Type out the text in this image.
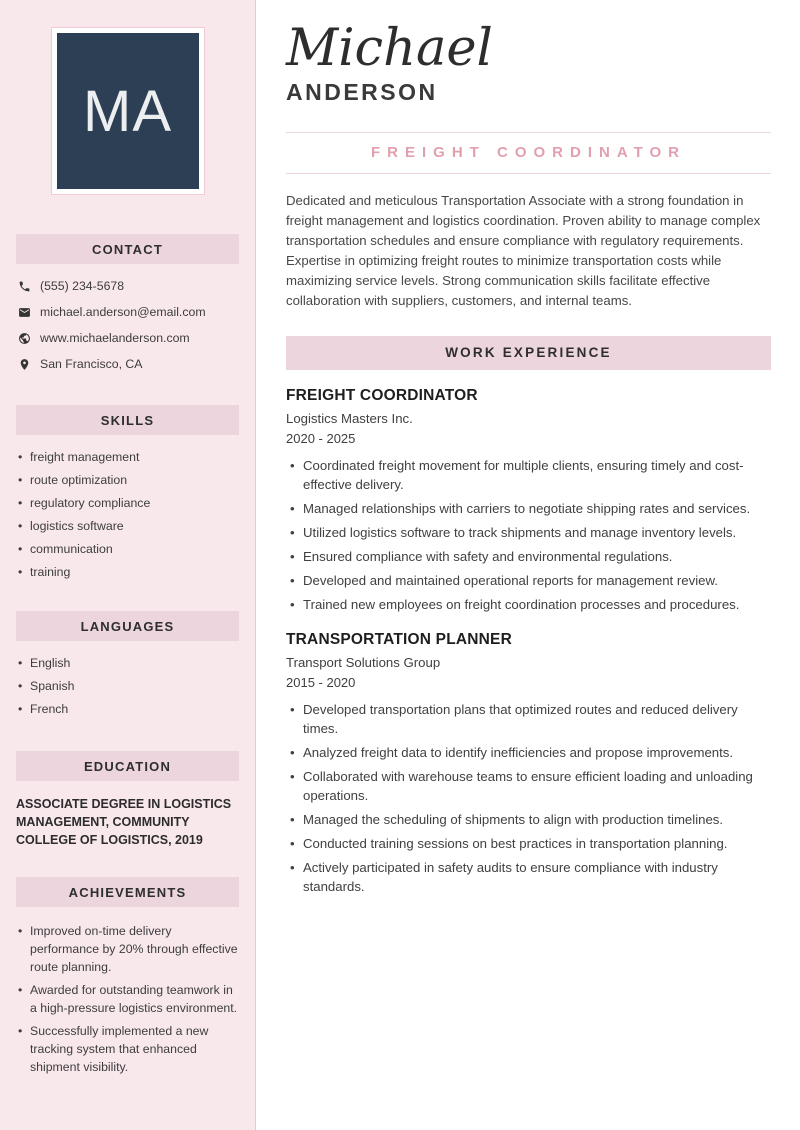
MA
CONTACT
(555) 234-5678
michael.anderson@email.com
www.michaelanderson.com
San Francisco, CA
SKILLS
• freight management
• route optimization
• regulatory compliance
• logistics software
• communication
• training
LANGUAGES
• English
• Spanish
• French
EDUCATION

ASSOCIATE DEGREE IN LOGISTICS MANAGEMENT, COMMUNITY COLLEGE OF LOGISTICS, 2019

ACHIEVEMENTS
• Improved on-time delivery performance by 20% through effective route planning.
• Awarded for outstanding teamwork in a high-pressure logistics environment.
• Successfully implemented a new tracking system that enhanced shipment visibility.
Michael
ANDERSON
FREIGHT COORDINATOR

Dedicated and meticulous Transportation Associate with a strong foundation in freight management and logistics coordination. Proven ability to manage complex transportation schedules and ensure compliance with regulatory requirements. Expertise in optimizing freight routes to minimize transportation costs while maximizing service levels. Strong communication skills facilitate effective collaboration with suppliers, customers, and internal teams.

WORK EXPERIENCE
FREIGHT COORDINATOR

Logistics Masters Inc.

2020 - 2025

• Coordinated freight movement for multiple clients, ensuring timely and cost-effective delivery.
• Managed relationships with carriers to negotiate shipping rates and services.
• Utilized logistics software to track shipments and manage inventory levels.
• Ensured compliance with safety and environmental regulations.
• Developed and maintained operational reports for management review.
• Trained new employees on freight coordination processes and procedures.
TRANSPORTATION PLANNER

Transport Solutions Group

2015 - 2020

• Developed transportation plans that optimized routes and reduced delivery times.
• Analyzed freight data to identify inefficiencies and propose improvements.
• Collaborated with warehouse teams to ensure efficient loading and unloading operations.
• Managed the scheduling of shipments to align with production timelines.
• Conducted training sessions on best practices in transportation planning.
• Actively participated in safety audits to ensure compliance with industry standards.
